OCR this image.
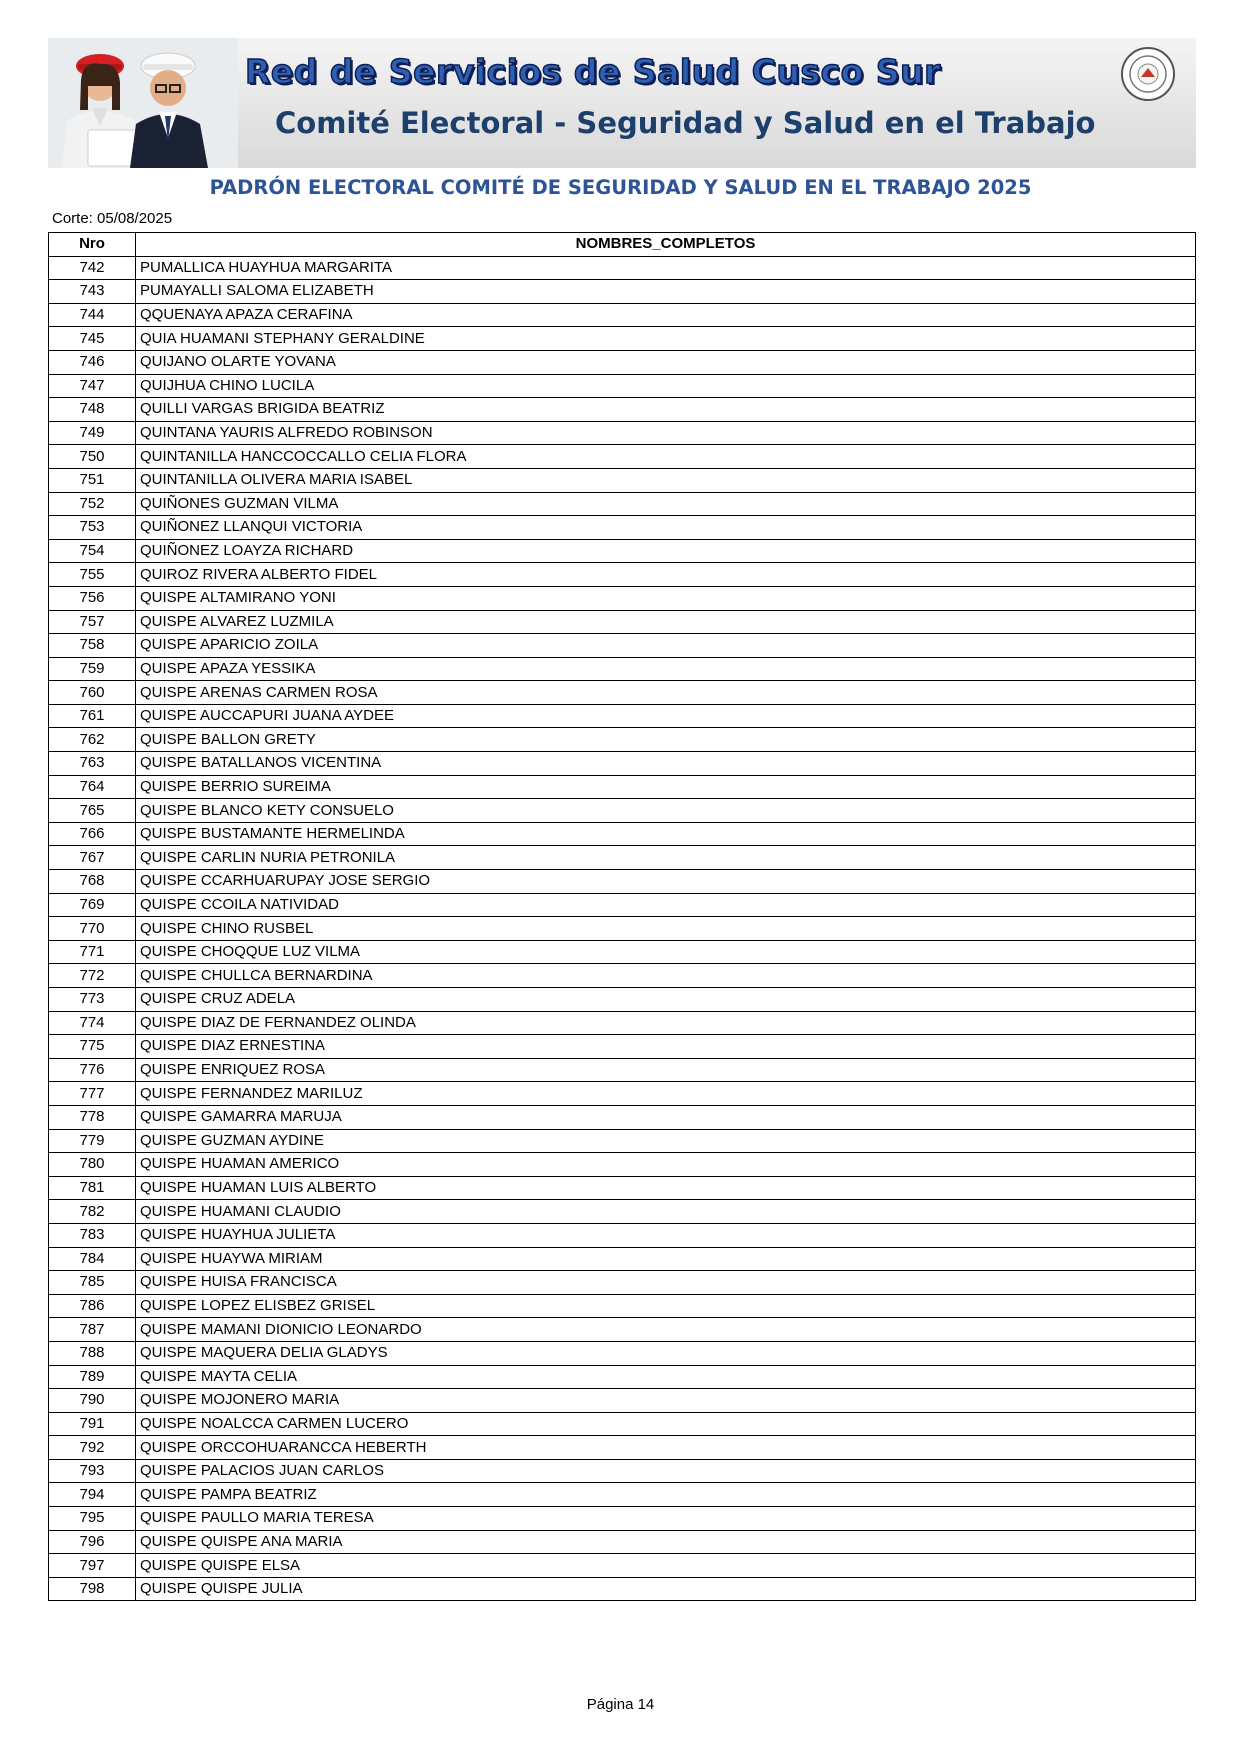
Red de Servicios de Salud Cusco Sur
Comité Electoral - Seguridad y Salud en el Trabajo
PADRÓN ELECTORAL COMITÉ DE SEGURIDAD Y SALUD EN EL TRABAJO 2025
Corte: 05/08/2025
Nro	NOMBRES_COMPLETOS
742	PUMALLICA HUAYHUA MARGARITA
743	PUMAYALLI SALOMA ELIZABETH
744	QQUENAYA APAZA CERAFINA
745	QUIA HUAMANI STEPHANY GERALDINE
746	QUIJANO OLARTE YOVANA
747	QUIJHUA CHINO LUCILA
748	QUILLI VARGAS BRIGIDA BEATRIZ
749	QUINTANA YAURIS ALFREDO ROBINSON
750	QUINTANILLA HANCCOCCALLO CELIA FLORA
751	QUINTANILLA OLIVERA MARIA ISABEL
752	QUIÑONES GUZMAN VILMA
753	QUIÑONEZ LLANQUI VICTORIA
754	QUIÑONEZ LOAYZA RICHARD
755	QUIROZ RIVERA ALBERTO FIDEL
756	QUISPE ALTAMIRANO YONI
757	QUISPE ALVAREZ LUZMILA
758	QUISPE APARICIO ZOILA
759	QUISPE APAZA YESSIKA
760	QUISPE ARENAS CARMEN ROSA
761	QUISPE AUCCAPURI JUANA AYDEE
762	QUISPE BALLON GRETY
763	QUISPE BATALLANOS VICENTINA
764	QUISPE BERRIO SUREIMA
765	QUISPE BLANCO KETY CONSUELO
766	QUISPE BUSTAMANTE HERMELINDA
767	QUISPE CARLIN NURIA PETRONILA
768	QUISPE CCARHUARUPAY JOSE SERGIO
769	QUISPE CCOILA NATIVIDAD
770	QUISPE CHINO RUSBEL
771	QUISPE CHOQQUE LUZ VILMA
772	QUISPE CHULLCA BERNARDINA
773	QUISPE CRUZ ADELA
774	QUISPE DIAZ DE FERNANDEZ OLINDA
775	QUISPE DIAZ ERNESTINA
776	QUISPE ENRIQUEZ ROSA
777	QUISPE FERNANDEZ MARILUZ
778	QUISPE GAMARRA MARUJA
779	QUISPE GUZMAN AYDINE
780	QUISPE HUAMAN AMERICO
781	QUISPE HUAMAN LUIS ALBERTO
782	QUISPE HUAMANI CLAUDIO
783	QUISPE HUAYHUA JULIETA
784	QUISPE HUAYWA MIRIAM
785	QUISPE HUISA FRANCISCA
786	QUISPE LOPEZ ELISBEZ GRISEL
787	QUISPE MAMANI DIONICIO LEONARDO
788	QUISPE MAQUERA DELIA GLADYS
789	QUISPE MAYTA CELIA
790	QUISPE MOJONERO MARIA
791	QUISPE NOALCCA CARMEN LUCERO
792	QUISPE ORCCOHUARANCCA HEBERTH
793	QUISPE PALACIOS JUAN CARLOS
794	QUISPE PAMPA BEATRIZ
795	QUISPE PAULLO MARIA TERESA
796	QUISPE QUISPE ANA MARIA
797	QUISPE QUISPE ELSA
798	QUISPE QUISPE JULIA
Página 14
